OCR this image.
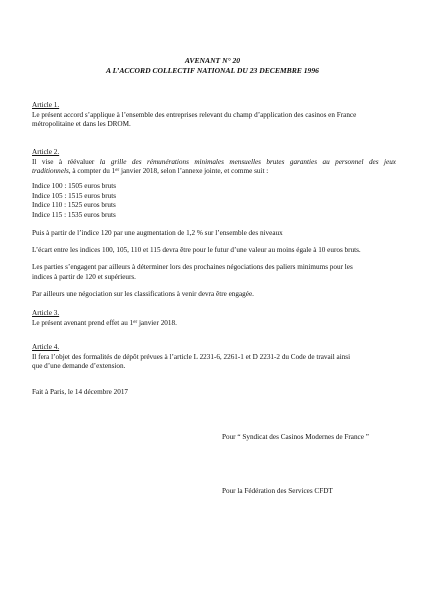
AVENANT N° 20
A L’ACCORD COLLECTIF NATIONAL DU 23 DECEMBRE 1996
Article 1.
Le présent accord s’applique à l’ensemble des entreprises relevant du champ d’application des casinos en France
métropolitaine et dans les DROM.
Article 2.
Il vise à réévaluer la grille des rémunérations minimales mensuelles brutes garanties au personnel des jeux
traditionnels, à compter du 1er janvier 2018, selon l’annexe jointe, et comme suit :
Indice 100 : 1505 euros bruts
Indice 105 : 1515 euros bruts
Indice 110 : 1525 euros bruts
Indice 115 : 1535 euros bruts
Puis à partir de l’indice 120 par une augmentation de 1,2 % sur l’ensemble des niveaux
L’écart entre les indices 100, 105, 110 et 115 devra être pour le futur d’une valeur au moins égale à 10 euros bruts.
Les parties s’engagent par ailleurs à déterminer lors des prochaines négociations des paliers minimums pour les
indices à partir de 120 et supérieurs.
Par ailleurs une négociation sur les classifications à venir devra être engagée.
Article 3.
Le présent avenant prend effet au 1er janvier 2018.
Article 4.
Il fera l’objet des formalités de dépôt prévues à l’article L 2231-6, 2261-1 et D 2231-2 du Code de travail ainsi
que d’une demande d’extension.
Fait à Paris, le 14 décembre 2017
Pour “ Syndicat des Casinos Modernes de France ”
Pour la Fédération des Services CFDT
